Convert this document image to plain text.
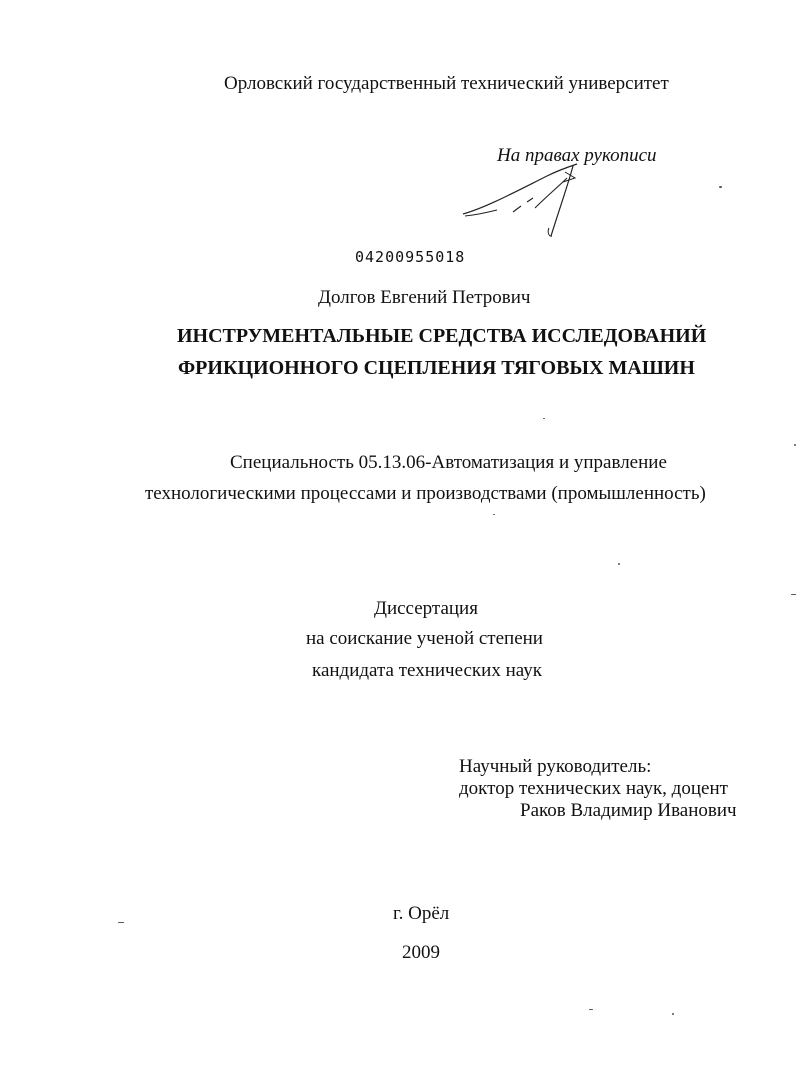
Орловский государственный технический университет
На правах рукописи
04200955018
Долгов Евгений Петрович
ИНСТРУМЕНТАЛЬНЫЕ СРЕДСТВА ИССЛЕДОВАНИЙ
ФРИКЦИОННОГО СЦЕПЛЕНИЯ ТЯГОВЫХ МАШИН
Специальность 05.13.06-Автоматизация и управление
технологическими процессами и производствами (промышленность)
Диссертация
на соискание ученой степени
кандидата технических наук
Научный руководитель:
доктор технических наук, доцент
Раков Владимир Иванович
г. Орёл
2009
